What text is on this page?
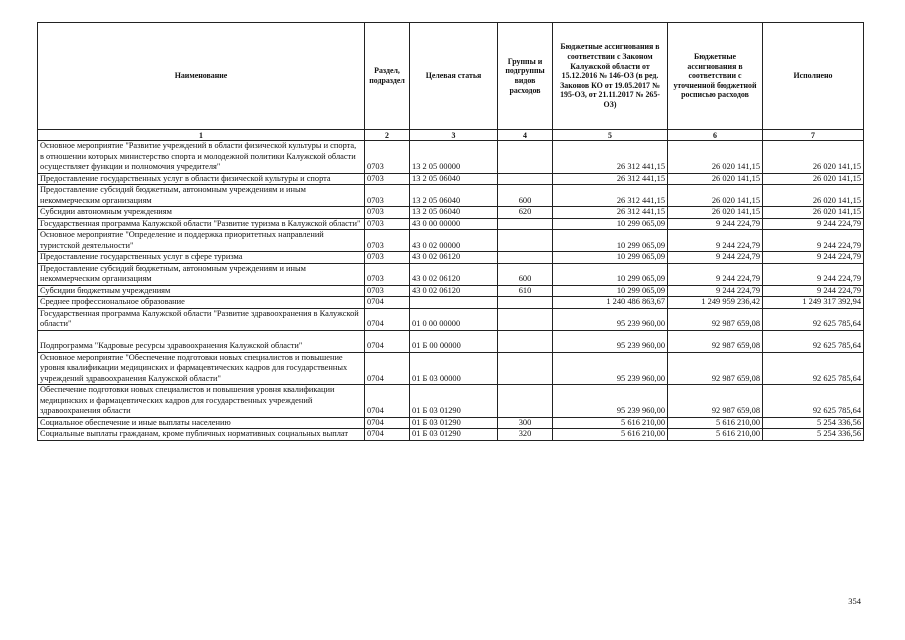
Наименование	Раздел, подраздел	Целевая статья	Группы и подгруппы видов расходов	Бюджетные ассигнования в соответствии с Законом Калужской области от 15.12.2016 № 146-ОЗ (в ред. Законов КО от 19.05.2017 № 195-ОЗ, от 21.11.2017 № 265-ОЗ)	Бюджетные ассигнования в соответствии с уточненной бюджетной росписью расходов	Исполнено
1	2	3	4	5	6	7
Основное мероприятие "Развитие учреждений в области физической культуры и спорта, в отношении которых министерство спорта и молодежной политики Калужской области осуществляет функции и полномочия учредителя"	0703	13 2 05 00000		26 312 441,15	26 020 141,15	26 020 141,15
Предоставление государственных услуг в области физической культуры и спорта	0703	13 2 05 06040		26 312 441,15	26 020 141,15	26 020 141,15
Предоставление субсидий бюджетным, автономным учреждениям и иным некоммерческим организациям	0703	13 2 05 06040	600	26 312 441,15	26 020 141,15	26 020 141,15
Субсидии автономным учреждениям	0703	13 2 05 06040	620	26 312 441,15	26 020 141,15	26 020 141,15
Государственная программа Калужской области "Развитие туризма в Калужской области"	0703	43 0 00 00000		10 299 065,09	9 244 224,79	9 244 224,79
Основное мероприятие "Определение и поддержка приоритетных направлений туристской деятельности"	0703	43 0 02 00000		10 299 065,09	9 244 224,79	9 244 224,79
Предоставление государственных услуг в сфере туризма	0703	43 0 02 06120		10 299 065,09	9 244 224,79	9 244 224,79
Предоставление субсидий бюджетным, автономным учреждениям и иным некоммерческим организациям	0703	43 0 02 06120	600	10 299 065,09	9 244 224,79	9 244 224,79
Субсидии бюджетным учреждениям	0703	43 0 02 06120	610	10 299 065,09	9 244 224,79	9 244 224,79
Среднее профессиональное образование	0704			1 240 486 863,67	1 249 959 236,42	1 249 317 392,94
Государственная программа Калужской области "Развитие здравоохранения в Калужской области"	0704	01 0 00 00000		95 239 960,00	92 987 659,08	92 625 785,64
Подпрограмма "Кадровые ресурсы здравоохранения Калужской области"	0704	01 Б 00 00000		95 239 960,00	92 987 659,08	92 625 785,64
Основное мероприятие "Обеспечение подготовки новых специалистов и повышение уровня квалификации медицинских и фармацевтических кадров для государственных учреждений здравоохранения Калужской области"	0704	01 Б 03 00000		95 239 960,00	92 987 659,08	92 625 785,64
Обеспечение подготовки новых специалистов и повышения уровня квалификации медицинских и фармацевтических кадров для государственных учреждений здравоохранения области	0704	01 Б 03 01290		95 239 960,00	92 987 659,08	92 625 785,64
Социальное обеспечение и иные выплаты населению	0704	01 Б 03 01290	300	5 616 210,00	5 616 210,00	5 254 336,56
Социальные выплаты гражданам, кроме публичных нормативных социальных выплат	0704	01 Б 03 01290	320	5 616 210,00	5 616 210,00	5 254 336,56
354
